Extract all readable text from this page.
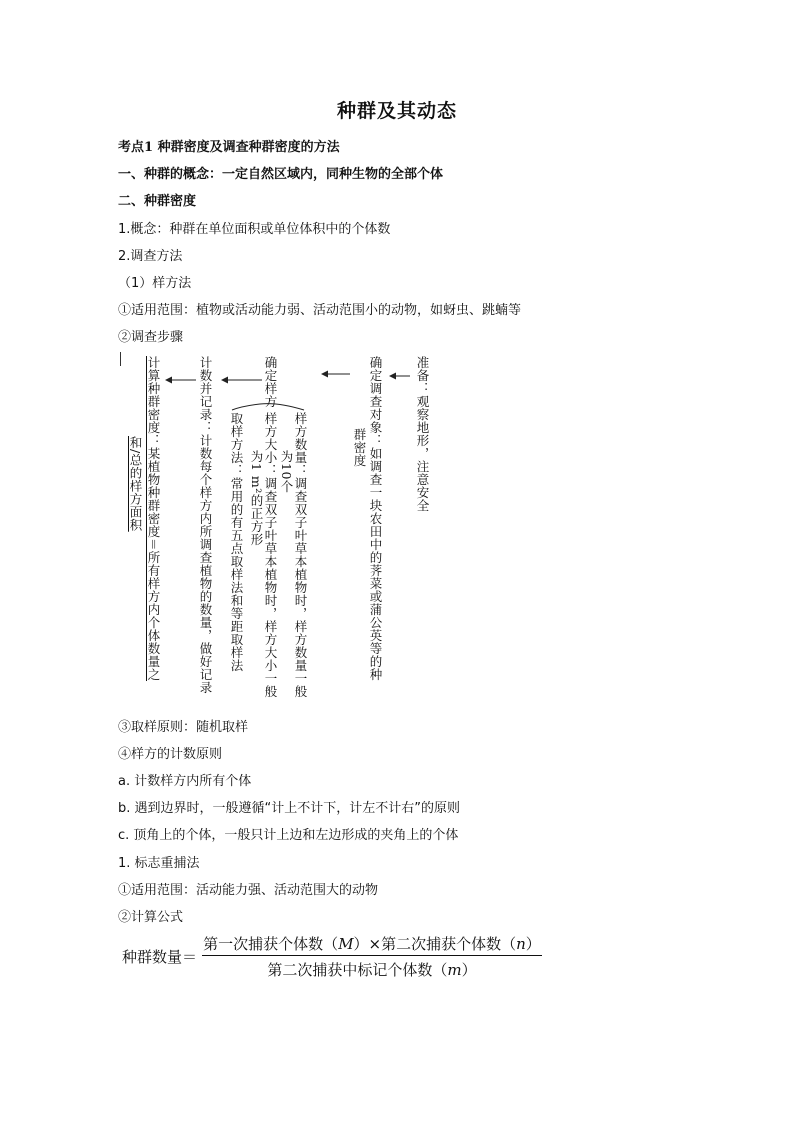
种群及其动态
考点1 种群密度及调查种群密度的方法
一、种群的概念：一定自然区域内，同种生物的全部个体
二、种群密度
1.概念：种群在单位面积或单位体积中的个体数
2.调查方法
（1）样方法
①适用范围：植物或活动能力弱、活动范围小的动物，如蚜虫、跳蝻等
②调查步骤
准备：观察地形，注意安全
确定调查对象：如调查一块农田中的荠菜或蒲公英等的种
群密度
确定样方
样方数量：调查双子叶草本植物时，样方数量一般
为10个
样方大小：调查双子叶草本植物时，样方大小一般
为1 m²的正方形
取样方法：常用的有五点取样法和等距取样法
计数并记录：计数每个样方内所调查植物的数量，做好记录
计算种群密度：某植物种群密度＝所有样方内个体数量之
和/总的样方面积
③取样原则：随机取样
④样方的计数原则
a. 计数样方内所有个体
b. 遇到边界时，一般遵循“计上不计下，计左不计右”的原则
c. 顶角上的个体，一般只计上边和左边形成的夹角上的个体
1. 标志重捕法
①适用范围：活动能力强、活动范围大的动物
②计算公式
种群数量＝
第一次捕获个体数（M）×第二次捕获个体数（n）
第二次捕获中标记个体数（m）
